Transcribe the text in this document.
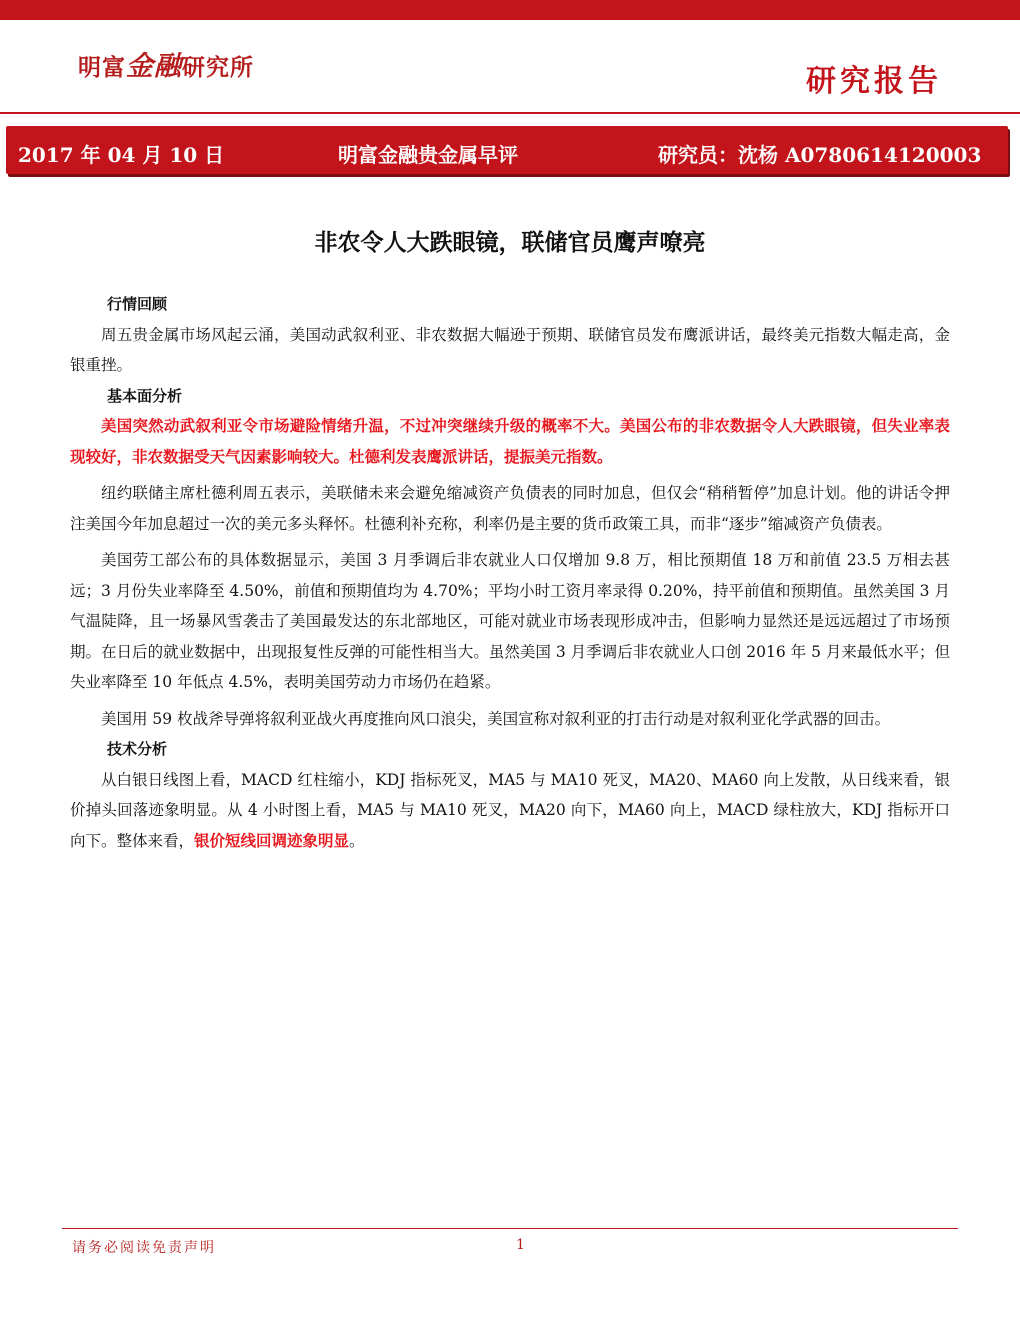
明富金融研究所	研究报告
2017 年 04 月 10 日	明富金融贵金属早评	研究员：沈杨 A0780614120003
非农令人大跌眼镜，联储官员鹰声嘹亮

行情回顾

周五贵金属市场风起云涌，美国动武叙利亚、非农数据大幅逊于预期、联储官员发布鹰派讲话，最终美元指数大幅走高，金银重挫。

基本面分析

美国突然动武叙利亚令市场避险情绪升温，不过冲突继续升级的概率不大。美国公布的非农数据令人大跌眼镜，但失业率表现较好，非农数据受天气因素影响较大。杜德利发表鹰派讲话，提振美元指数。

纽约联储主席杜德利周五表示，美联储未来会避免缩减资产负债表的同时加息，但仅会“稍稍暂停”加息计划。他的讲话令押注美国今年加息超过一次的美元多头释怀。杜德利补充称，利率仍是主要的货币政策工具，而非“逐步”缩减资产负债表。

美国劳工部公布的具体数据显示，美国 3 月季调后非农就业人口仅增加 9.8 万，相比预期值 18 万和前值 23.5 万相去甚远；3 月份失业率降至 4.50%，前值和预期值均为 4.70%；平均小时工资月率录得 0.20%，持平前值和预期值。虽然美国 3 月气温陡降，且一场暴风雪袭击了美国最发达的东北部地区，可能对就业市场表现形成冲击，但影响力显然还是远远超过了市场预期。在日后的就业数据中，出现报复性反弹的可能性相当大。虽然美国 3 月季调后非农就业人口创 2016 年 5 月来最低水平；但失业率降至 10 年低点 4.5%，表明美国劳动力市场仍在趋紧。

美国用 59 枚战斧导弹将叙利亚战火再度推向风口浪尖，美国宣称对叙利亚的打击行动是对叙利亚化学武器的回击。

技术分析

从白银日线图上看，MACD 红柱缩小，KDJ 指标死叉，MA5 与 MA10 死叉，MA20、MA60 向上发散，从日线来看，银价掉头回落迹象明显。从 4 小时图上看，MA5 与 MA10 死叉，MA20 向下，MA60 向上，MACD 绿柱放大，KDJ 指标开口向下。整体来看，银价短线回调迹象明显。

请务必阅读免责声明	1
